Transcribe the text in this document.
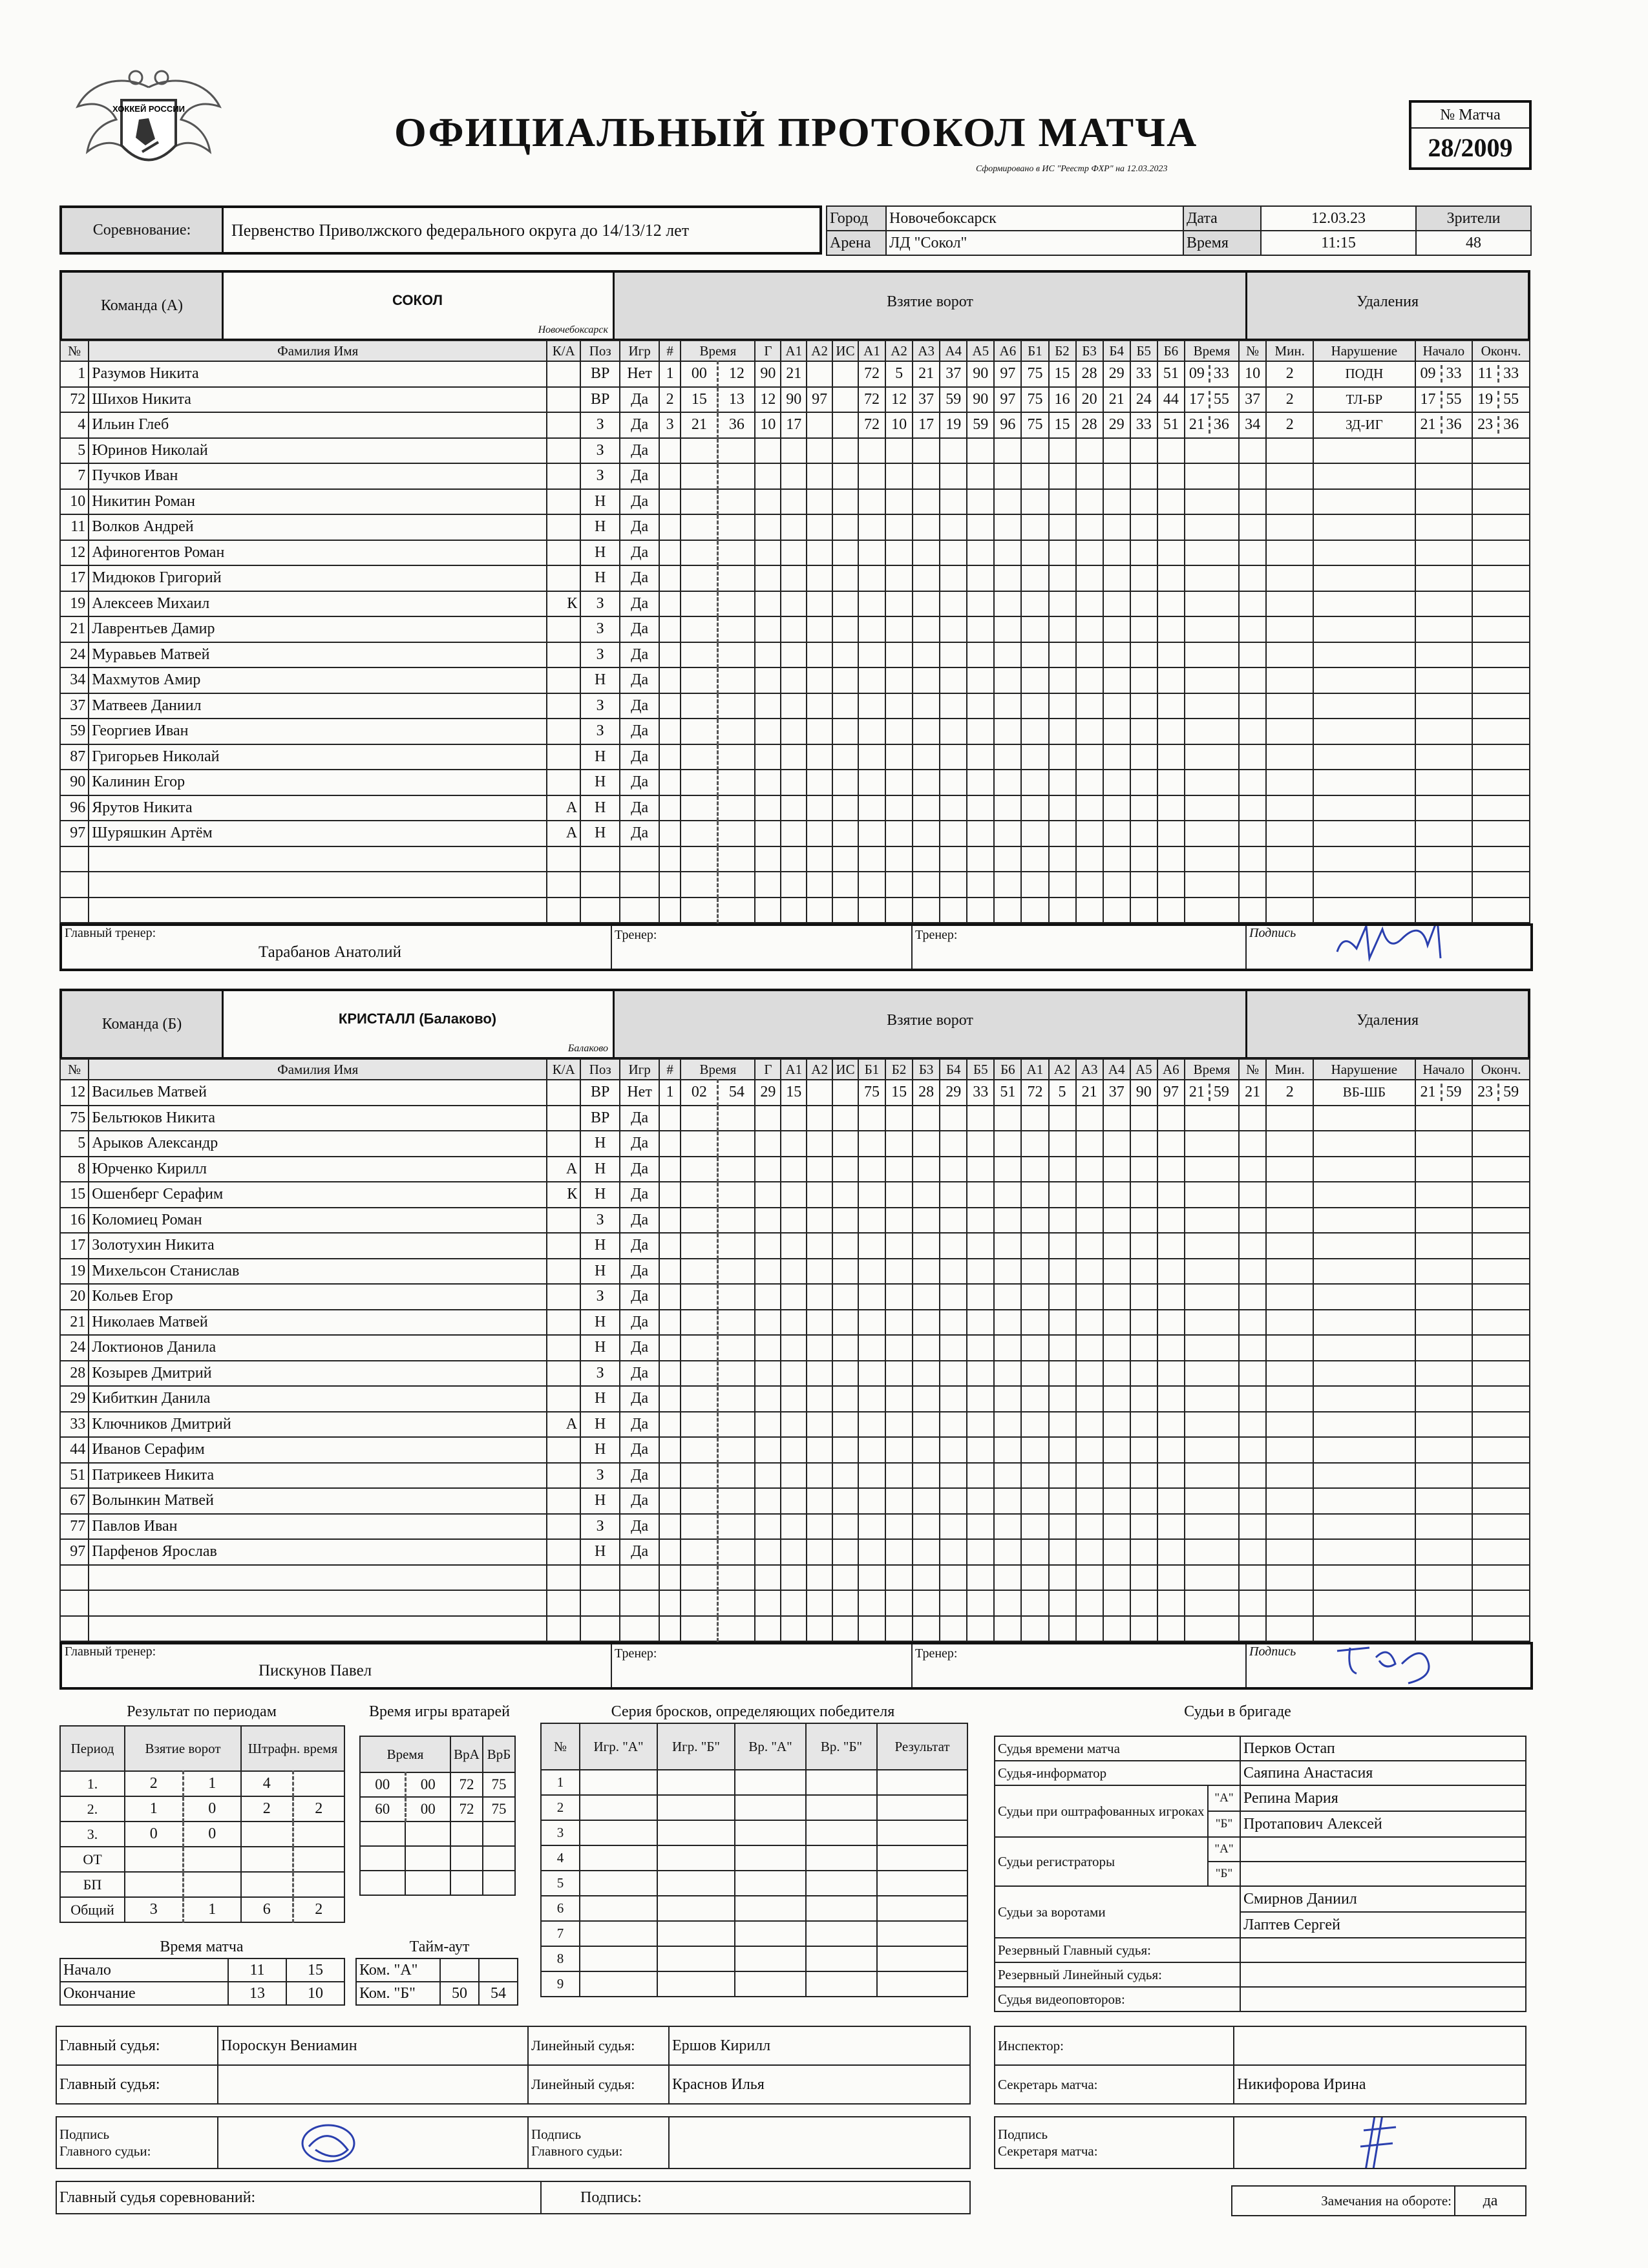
ХОККЕЙ РОССИИ
ОФИЦИАЛЬНЫЙ ПРОТОКОЛ МАТЧА
Сформировано в ИС "Реестр ФХР" на 12.03.2023
№ Матча
28/2009
Соревнование:	Первенство Приволжского федерального округа до 14/13/12 лет
Город	Новочебоксарск	Дата	12.03.23	Зрители
Арена	ЛД "Сокол"	Время	11:15	48
Команда (А)	СОКОЛ
Новочебоксарск
Взятие ворот	Удаления
№	Фамилия Имя	К/А	Поз	Игр	#	Время		Г	А1	А2	ИС	А1	А2	А3	А4	А5	А6	Б1	Б2	Б3	Б4	Б5	Б6	Время	№	Мин.	Нарушение	Начало	Оконч.
1	Разумов Никита		ВР	Нет	1	00	12	90	21			72	5	21	37	90	97	75	15	28	29	33	51	09 33	10	2	ПОДН	09 33	11 33
72	Шихов Никита		ВР	Да	2	15	13	12	90	97		72	12	37	59	90	97	75	16	20	21	24	44	17 55	37	2	ТЛ-БР	17 55	19 55
4	Ильин Глеб		З	Да	3	21	36	10	17			72	10	17	19	59	96	75	15	28	29	33	51	21 36	34	2	ЗД-ИГ	21 36	23 36
5	Юринов Николай		З	Да																									
7	Пучков Иван		З	Да																									
10	Никитин Роман		Н	Да																									
11	Волков Андрей		Н	Да																									
12	Афиногентов Роман		Н	Да																									
17	Мидюков Григорий		Н	Да																									
19	Алексеев Михаил	К	З	Да																									
21	Лаврентьев Дамир		З	Да																									
24	Муравьев Матвей		З	Да																									
34	Махмутов Амир		Н	Да																									
37	Матвеев Даниил		З	Да																									
59	Георгиев Иван		З	Да																									
87	Григорьев Николай		Н	Да																									
90	Калинин Егор		Н	Да																									
96	Ярутов Никита	А	Н	Да																									
97	Шуряшкин Артём	А	Н	Да																									

Главный тренер:
Тарабанов Анатолий
	Тренер:	Тренер:	Подпись
Команда (Б)	КРИСТАЛЛ (Балаково)
Балаково
Взятие ворот	Удаления
№	Фамилия Имя	К/А	Поз	Игр	#	Время		Г	А1	А2	ИС	Б1	Б2	Б3	Б4	Б5	Б6	А1	А2	А3	А4	А5	А6	Время	№	Мин.	Нарушение	Начало	Оконч.
12	Васильев Матвей		ВР	Нет	1	02	54	29	15			75	15	28	29	33	51	72	5	21	37	90	97	21 59	21	2	ВБ-ШБ	21 59	23 59
75	Бельтюков Никита		ВР	Да																									
5	Арыков Александр		Н	Да																									
8	Юрченко Кирилл	А	Н	Да																									
15	Ошенберг Серафим	К	Н	Да																									
16	Коломиец Роман		З	Да																									
17	Золотухин Никита		Н	Да																									
19	Михельсон Станислав		Н	Да																									
20	Кольев Егор		З	Да																									
21	Николаев Матвей		Н	Да																									
24	Локтионов Данила		Н	Да																									
28	Козырев Дмитрий		З	Да																									
29	Кибиткин Данила		Н	Да																									
33	Ключников Дмитрий	А	Н	Да																									
44	Иванов Серафим		Н	Да																									
51	Патрикеев Никита		З	Да																									
67	Волынкин Матвей		Н	Да																									
77	Павлов Иван		З	Да																									
97	Парфенов Ярослав		Н	Да																									

Главный тренер:
Пискунов Павел
	Тренер:	Тренер:	Подпись
Результат по периодам
Период	Взятие ворот		Штрафн. время	
1.	2	1	4	
2.	1	0	2	2
3.	0	0		
ОТ				
БП				
Общий	3	1	6	2
Время матча
Начало	11	15
Окончание	13	10
Время игры вратарей
Время		ВрА	ВрБ
00	00	72	75
60	00	72	75

Тайм-аут
Ком. "А"		
Ком. "Б"	50	54
Серия бросков, определяющих победителя
№	Игр. "А"	Игр. "Б"	Вр. "А"	Вр. "Б"	Результат
1					
2					
3					
4					
5					
6					
7					
8					
9					
Судьи в бригаде
Судья времени матча		Перков Остап
Судья-информатор		Саяпина Анастасия
Судьи при оштрафованных игроках	"А"	Репина Мария
	"Б"	Протапович Алексей
Судьи регистраторы	"А"	
	"Б"	
Судьи за воротами		Смирнов Даниил
		Лаптев Сергей
Резервный Главный судья:		
Резервный Линейный судья:		
Судья видеоповторов:		
Главный судья:	Пороскун Вениамин	Линейный судья:	Ершов Кирилл
Главный судья:		Линейный судья:	Краснов Илья
Подпись
Главного судьи:

Подпись
Главного судьи:

Главный судья соревнований:	Подпись:
Инспектор:	
Секретарь матча:	Никифорова Ирина
Подпись
Секретаря матча:

Замечания на обороте:	да
